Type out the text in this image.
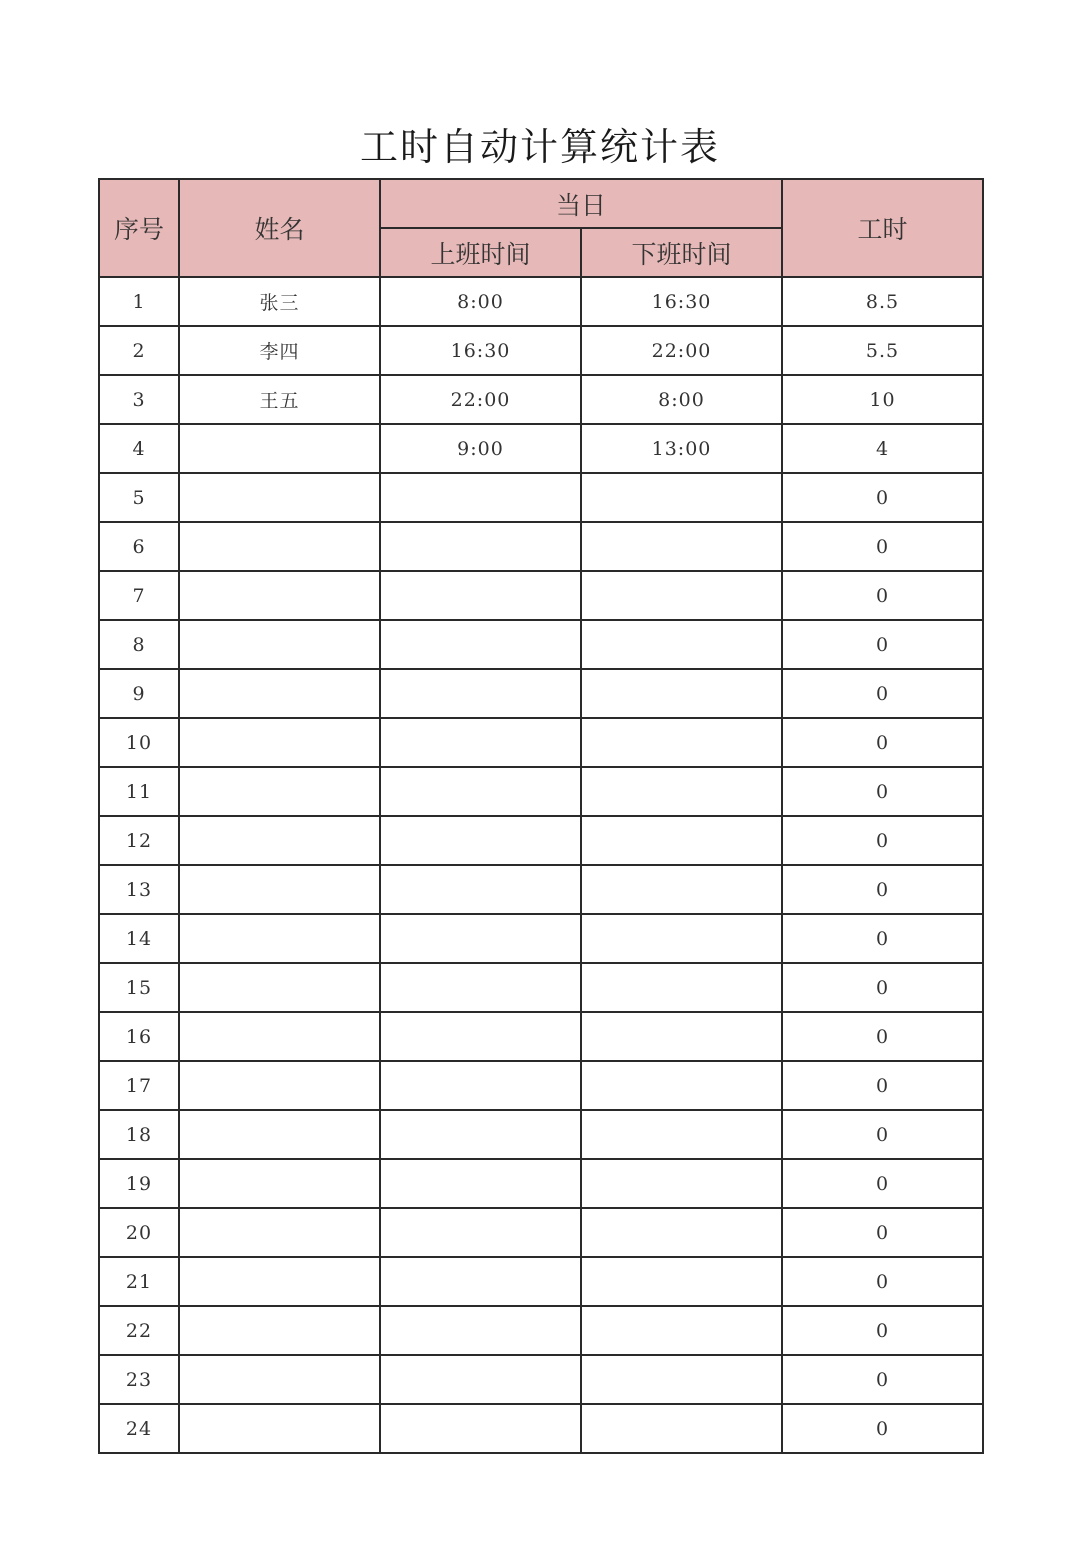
工时自动计算统计表
序号	姓名	当日		工时
		上班时间	下班时间	
1	张三	8:00	16:30	8.5
2	李四	16:30	22:00	5.5
3	王五	22:00	8:00	10
4		9:00	13:00	4
5				0
6				0
7				0
8				0
9				0
10				0
11				0
12				0
13				0
14				0
15				0
16				0
17				0
18				0
19				0
20				0
21				0
22				0
23				0
24				0
